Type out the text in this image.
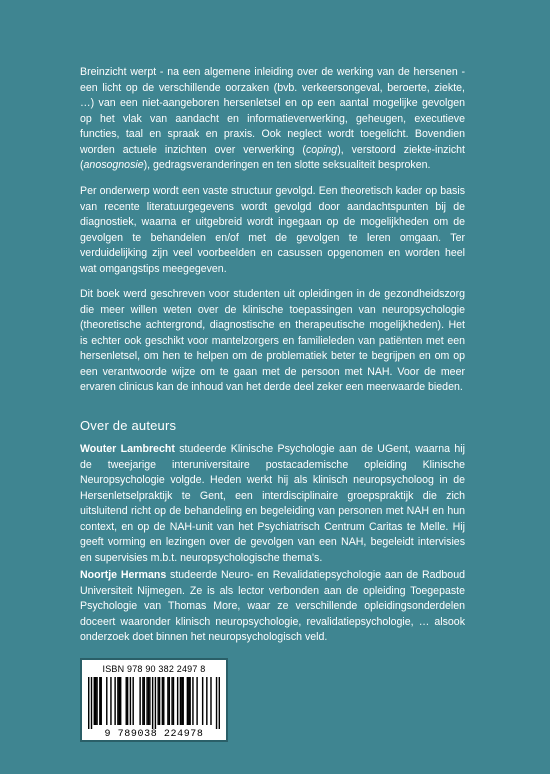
Breinzicht werpt - na een algemene inleiding over de werking van de hersenen - een licht op de verschillende oorzaken (bvb. verkeersongeval, beroerte, ziekte, …) van een niet-aangeboren hersenletsel en op een aantal mogelijke gevolgen op het vlak van aandacht en informatieverwerking, geheugen, executieve functies, taal en spraak en praxis. Ook neglect wordt toegelicht. Bovendien worden actuele inzichten over verwerking (coping), verstoord ziekte-inzicht (anosognosie), gedragsveranderingen en ten slotte seksualiteit besproken.

Per onderwerp wordt een vaste structuur gevolgd. Een theoretisch kader op basis van recente literatuurgegevens wordt gevolgd door aandachtspunten bij de diagnostiek, waarna er uitgebreid wordt ingegaan op de mogelijkheden om de gevolgen te behandelen en/of met de gevolgen te leren omgaan. Ter verduidelijking zijn veel voorbeelden en casussen opgenomen en worden heel wat omgangstips meegegeven.

Dit boek werd geschreven voor studenten uit opleidingen in de gezondheidszorg die meer willen weten over de klinische toepassingen van neuropsychologie (theoretische achtergrond, diagnostische en therapeutische mogelijkheden). Het is echter ook geschikt voor mantelzorgers en familieleden van patiënten met een hersenletsel, om hen te helpen om de problematiek beter te begrijpen en om op een verantwoorde wijze om te gaan met de persoon met NAH. Voor de meer ervaren clinicus kan de inhoud van het derde deel zeker een meerwaarde bieden.

Over de auteurs

Wouter Lambrecht studeerde Klinische Psychologie aan de UGent, waarna hij de tweejarige interuniversitaire postacademische opleiding Klinische Neuropsychologie volgde. Heden werkt hij als klinisch neuropsycholoog in de Hersenletselpraktijk te Gent, een interdisciplinaire groepspraktijk die zich uitsluitend richt op de behandeling en begeleiding van personen met NAH en hun context, en op de NAH-unit van het Psychiatrisch Centrum Caritas te Melle. Hij geeft vorming en lezingen over de gevolgen van een NAH, begeleidt intervisies en supervisies m.b.t. neuropsychologische thema's.

Noortje Hermans studeerde Neuro- en Revalidatiepsychologie aan de Radboud Universiteit Nijmegen. Ze is als lector verbonden aan de opleiding Toegepaste Psychologie van Thomas More, waar ze verschillende opleidingsonderdelen doceert waaronder klinisch neuropsychologie, revalidatiepsychologie, … alsook onderzoek doet binnen het neuropsychologisch veld.

ISBN 978 90 382 2497 8
9 789038 224978
